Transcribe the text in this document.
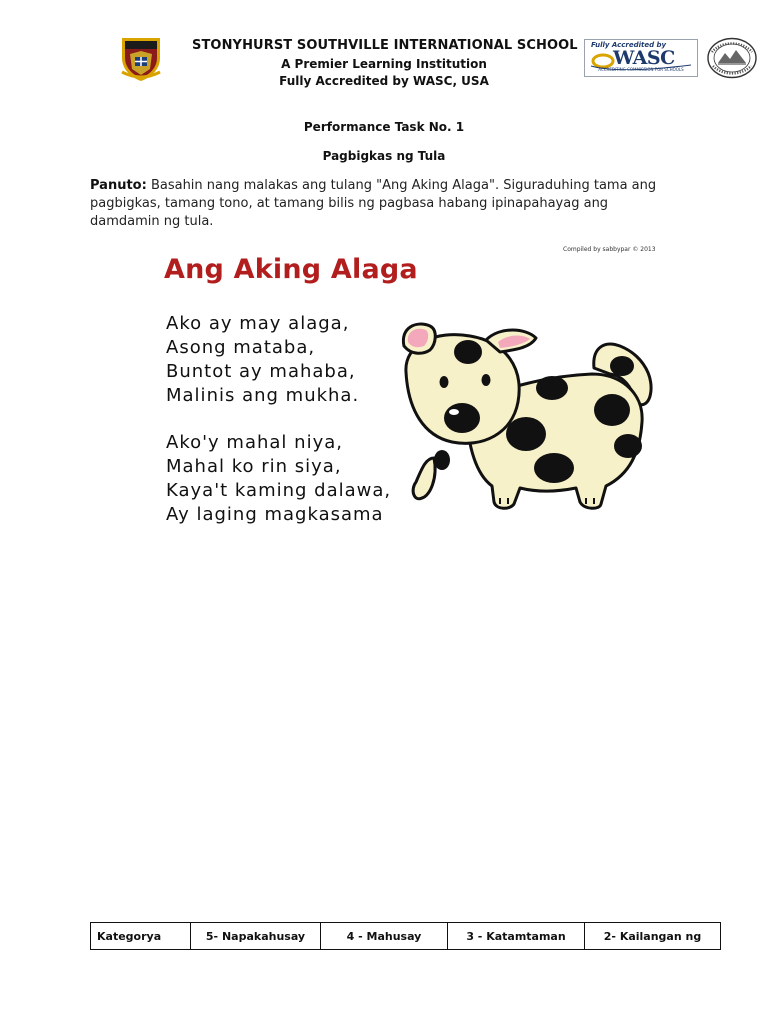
STONYHURST SOUTHVILLE INTERNATIONAL SCHOOL
A Premier Learning Institution
Fully Accredited by WASC, USA
Fully Accredited by
WASC
ACCREDITING COMMISSION FOR SCHOOLS
Performance Task No. 1
Pagbigkas ng Tula

Panuto: Basahin nang malakas ang tulang "Ang Aking Alaga". Siguraduhing tama ang pagbigkas, tamang tono, at tamang bilis ng pagbasa habang ipinapahayag ang damdamin ng tula.

Compiled by sabbypar © 2013
Ang Aking Alaga
Ako ay may alaga,
Asong mataba,
Buntot ay mahaba,
Malinis ang mukha.
Ako'y mahal niya,
Mahal ko rin siya,
Kaya't kaming dalawa,
Ay laging magkasama
Kategorya	5- Napakahusay	4 - Mahusay	3 - Katamtaman	2- Kailangan ng
